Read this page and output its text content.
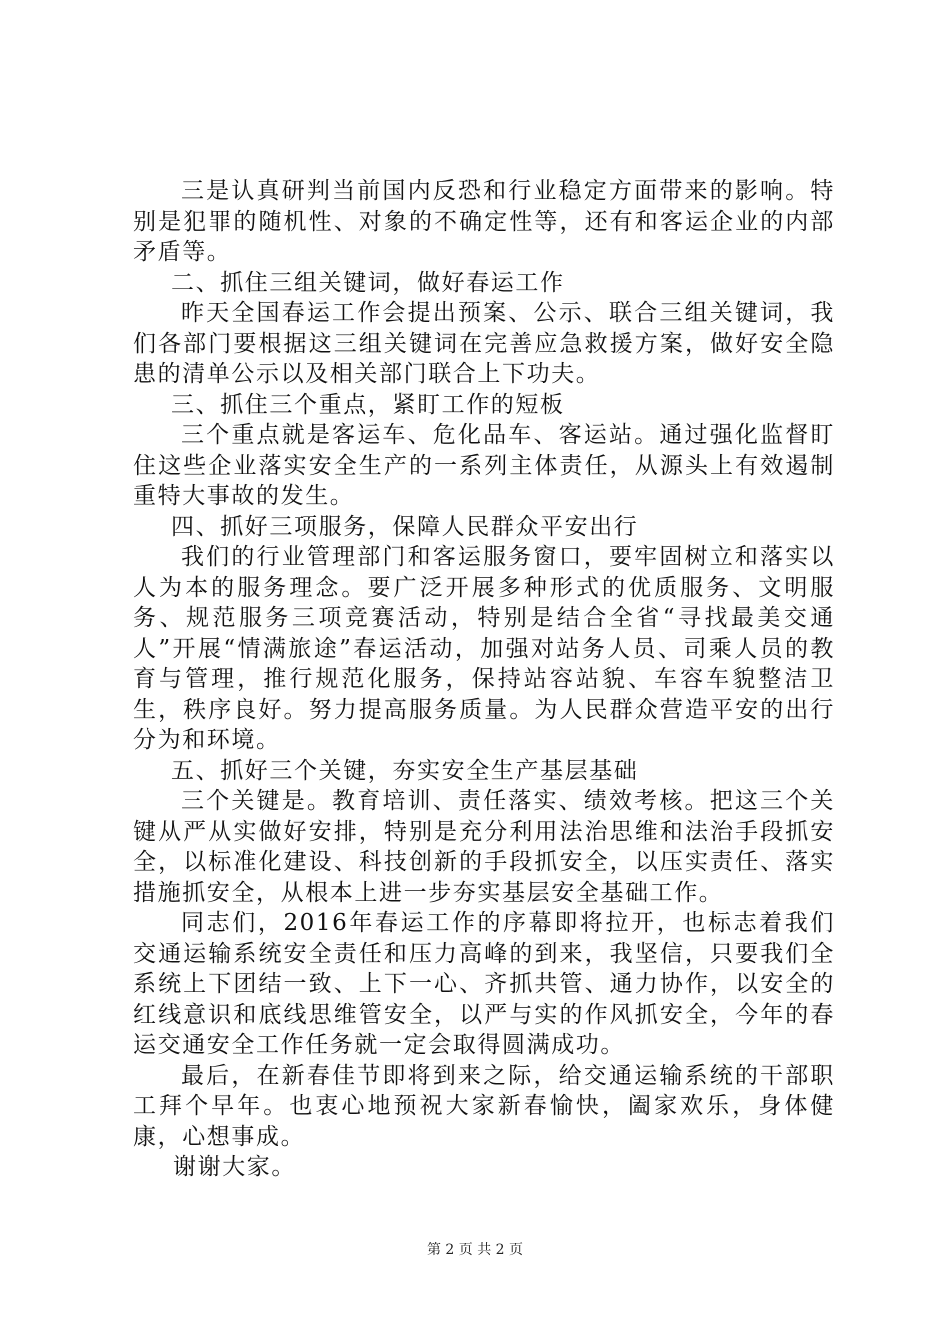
三是认真研判当前国内反恐和行业稳定方面带来的影响。特别是犯罪的随机性、对象的不确定性等，还有和客运企业的内部矛盾等。

二、抓住三组关键词，做好春运工作

昨天全国春运工作会提出预案、公示、联合三组关键词，我们各部门要根据这三组关键词在完善应急救援方案，做好安全隐患的清单公示以及相关部门联合上下功夫。

三、抓住三个重点，紧盯工作的短板

三个重点就是客运车、危化品车、客运站。通过强化监督盯住这些企业落实安全生产的一系列主体责任，从源头上有效遏制重特大事故的发生。

四、抓好三项服务，保障人民群众平安出行

我们的行业管理部门和客运服务窗口，要牢固树立和落实以人为本的服务理念。要广泛开展多种形式的优质服务、文明服务、规范服务三项竞赛活动，特别是结合全省“寻找最美交通人”开展“情满旅途”春运活动，加强对站务人员、司乘人员的教育与管理，推行规范化服务，保持站容站貌、车容车貌整洁卫生，秩序良好。努力提高服务质量。为人民群众营造平安的出行分为和环境。

五、抓好三个关键，夯实安全生产基层基础

三个关键是。教育培训、责任落实、绩效考核。把这三个关键从严从实做好安排，特别是充分利用法治思维和法治手段抓安全，以标准化建设、科技创新的手段抓安全，以压实责任、落实措施抓安全，从根本上进一步夯实基层安全基础工作。

同志们，2016年春运工作的序幕即将拉开，也标志着我们交通运输系统安全责任和压力高峰的到来，我坚信，只要我们全系统上下团结一致、上下一心、齐抓共管、通力协作，以安全的红线意识和底线思维管安全，以严与实的作风抓安全，今年的春运交通安全工作任务就一定会取得圆满成功。

最后，在新春佳节即将到来之际，给交通运输系统的干部职工拜个早年。也衷心地预祝大家新春愉快，阖家欢乐，身体健康，心想事成。

谢谢大家。

第 2 页 共 2 页
